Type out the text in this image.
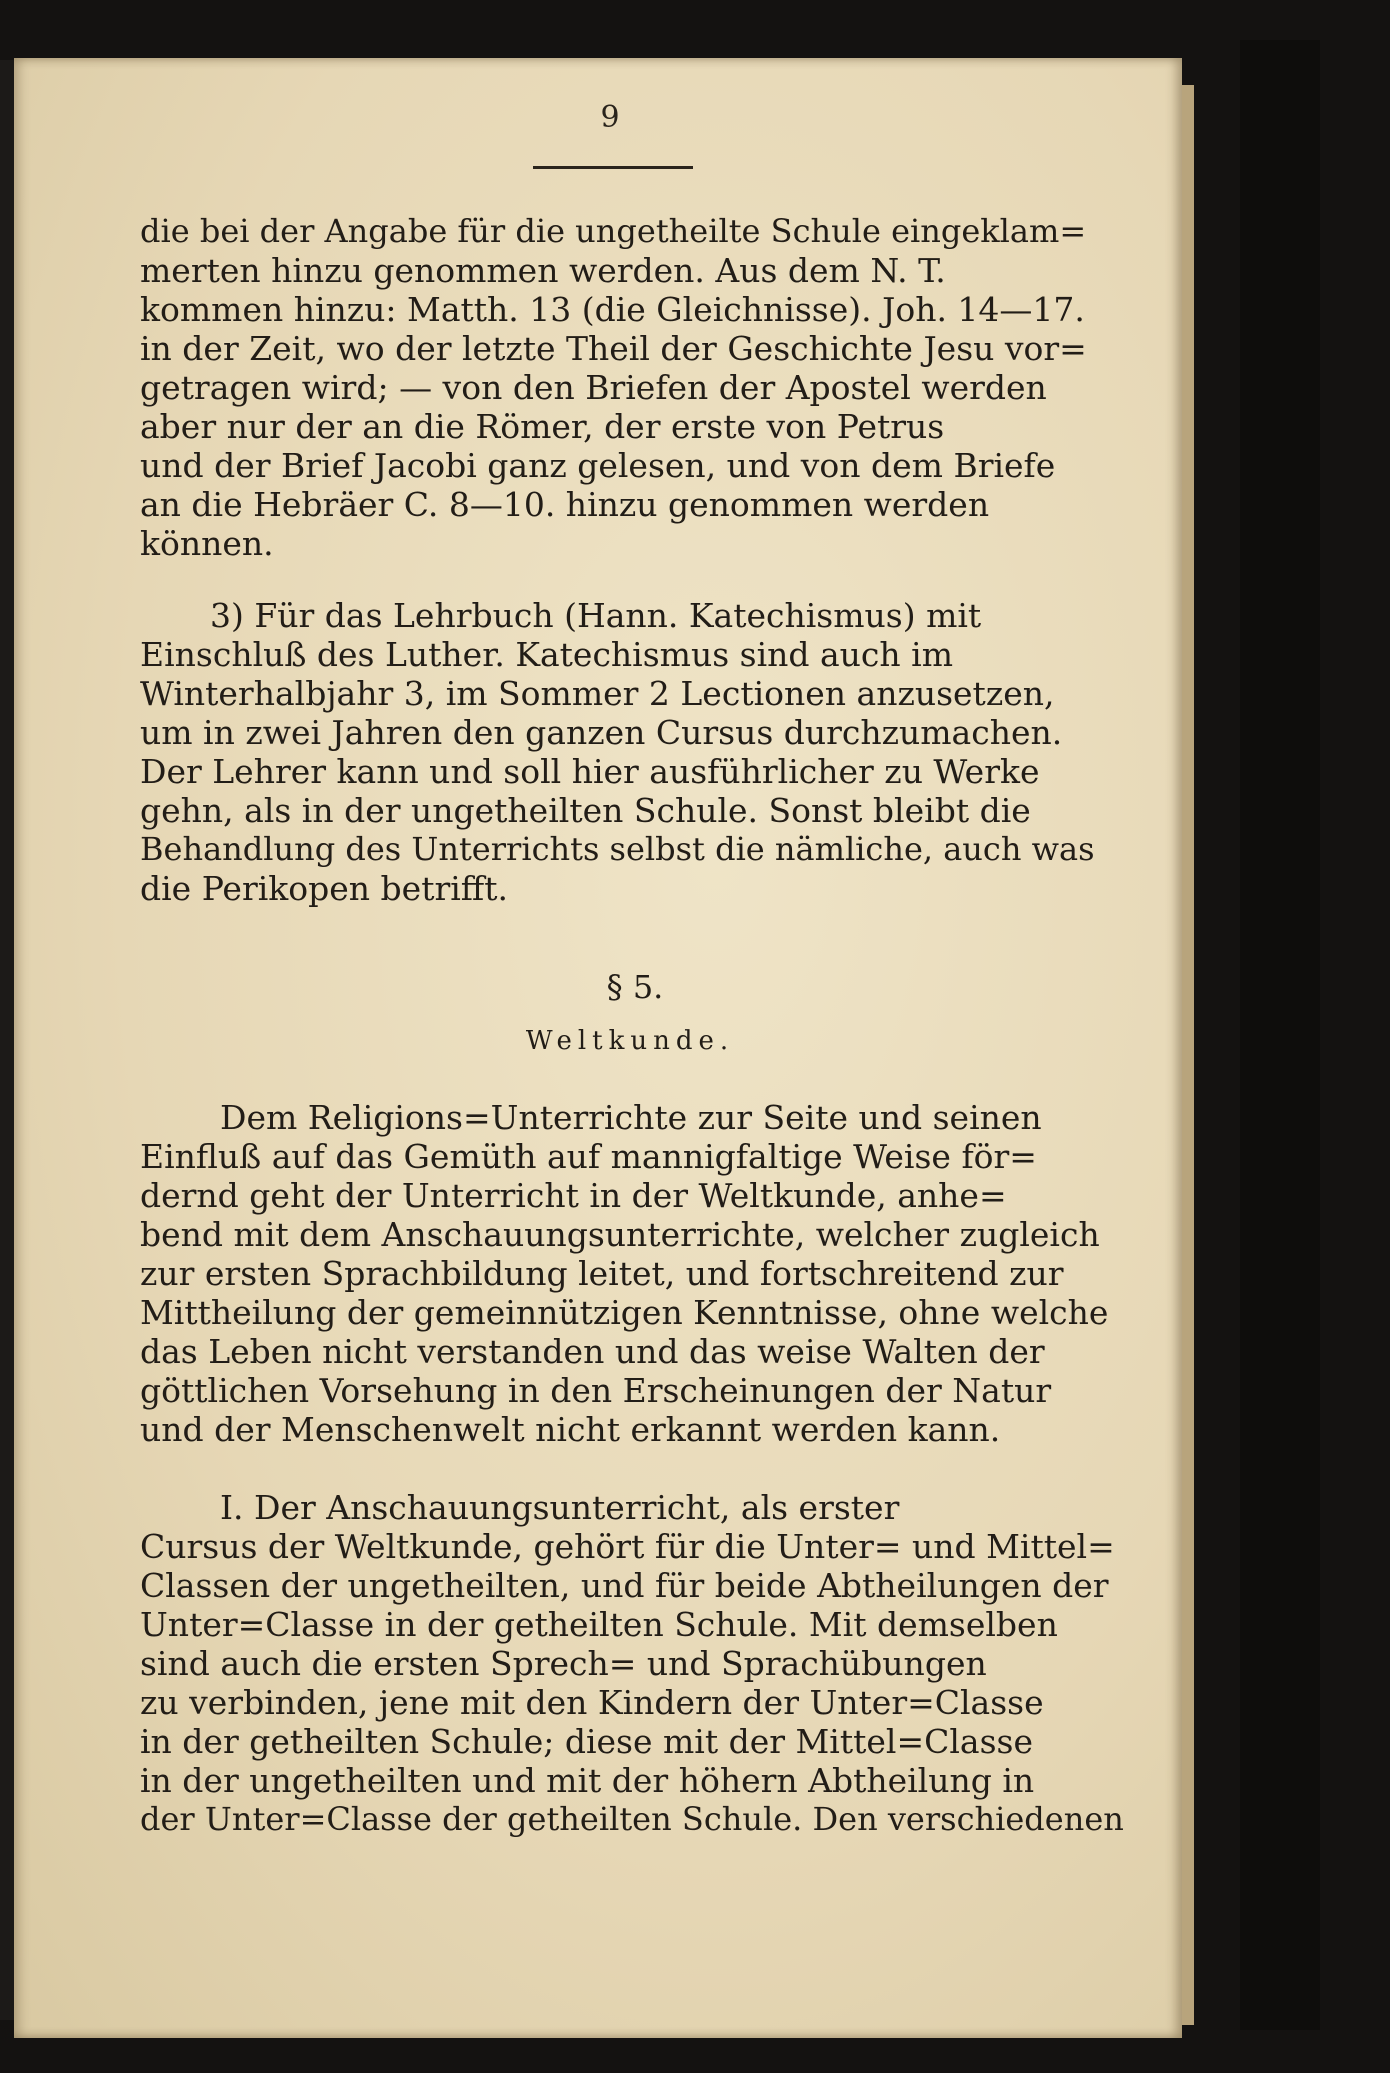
9
die bei der Angabe für die ungetheilte Schule eingeklam=
merten hinzu genommen werden. Aus dem N. T.
kommen hinzu: Matth. 13 (die Gleichnisse). Joh. 14—17.
in der Zeit, wo der letzte Theil der Geschichte Jesu vor=
getragen wird; — von den Briefen der Apostel werden
aber nur der an die Römer, der erste von Petrus
und der Brief Jacobi ganz gelesen, und von dem Briefe
an die Hebräer C. 8—10. hinzu genommen werden
können.
3) Für das Lehrbuch (Hann. Katechismus) mit
Einschluß des Luther. Katechismus sind auch im
Winterhalbjahr 3, im Sommer 2 Lectionen anzusetzen,
um in zwei Jahren den ganzen Cursus durchzumachen.
Der Lehrer kann und soll hier ausführlicher zu Werke
gehn, als in der ungetheilten Schule. Sonst bleibt die
Behandlung des Unterrichts selbst die nämliche, auch was
die Perikopen betrifft.
§ 5.
Weltkunde.
Dem Religions=Unterrichte zur Seite und seinen
Einfluß auf das Gemüth auf mannigfaltige Weise för=
dernd geht der Unterricht in der Weltkunde, anhe=
bend mit dem Anschauungsunterrichte, welcher zugleich
zur ersten Sprachbildung leitet, und fortschreitend zur
Mittheilung der gemeinnützigen Kenntnisse, ohne welche
das Leben nicht verstanden und das weise Walten der
göttlichen Vorsehung in den Erscheinungen der Natur
und der Menschenwelt nicht erkannt werden kann.
I. Der Anschauungsunterricht, als erster
Cursus der Weltkunde, gehört für die Unter= und Mittel=
Classen der ungetheilten, und für beide Abtheilungen der
Unter=Classe in der getheilten Schule. Mit demselben
sind auch die ersten Sprech= und Sprachübungen
zu verbinden, jene mit den Kindern der Unter=Classe
in der getheilten Schule; diese mit der Mittel=Classe
in der ungetheilten und mit der höhern Abtheilung in
der Unter=Classe der getheilten Schule. Den verschiedenen
